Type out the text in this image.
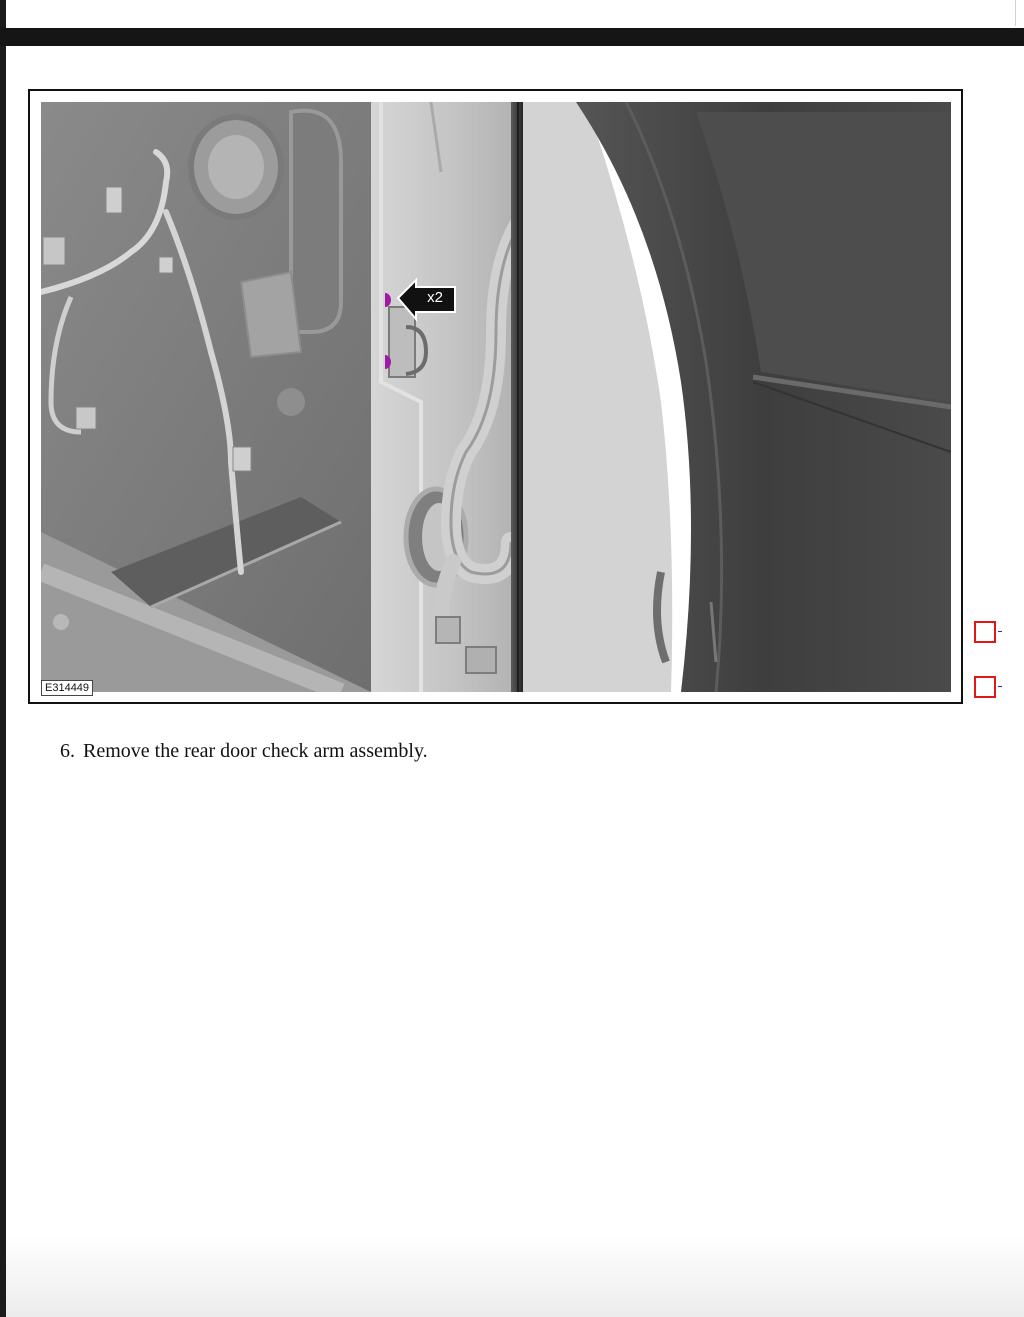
x2
E314449
6. Remove the rear door check arm assembly.
